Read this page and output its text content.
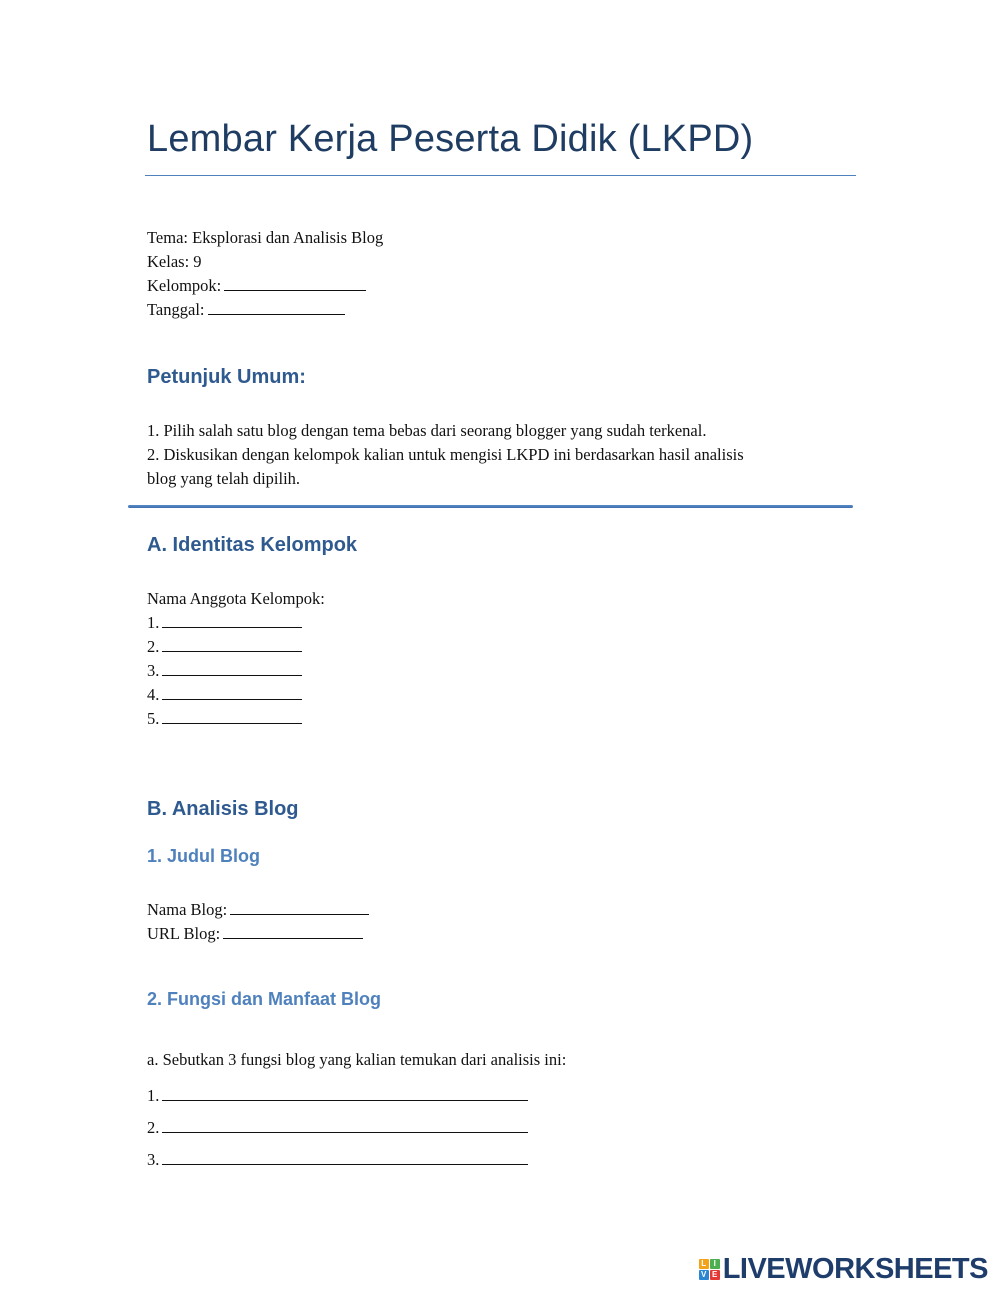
Lembar Kerja Peserta Didik (LKPD)
Tema: Eksplorasi dan Analisis Blog
Kelas: 9
Kelompok:
Tanggal:
Petunjuk Umum:
1. Pilih salah satu blog dengan tema bebas dari seorang blogger yang sudah terkenal.
2. Diskusikan dengan kelompok kalian untuk mengisi LKPD ini berdasarkan hasil analisis
blog yang telah dipilih.
A. Identitas Kelompok
Nama Anggota Kelompok:
1.
2.
3.
4.
5.
B. Analisis Blog
1. Judul Blog
Nama Blog:
URL Blog:
2. Fungsi dan Manfaat Blog
a. Sebutkan 3 fungsi blog yang kalian temukan dari analisis ini:
1.
2.
3.
L I
V E LIVEWORKSHEETS
